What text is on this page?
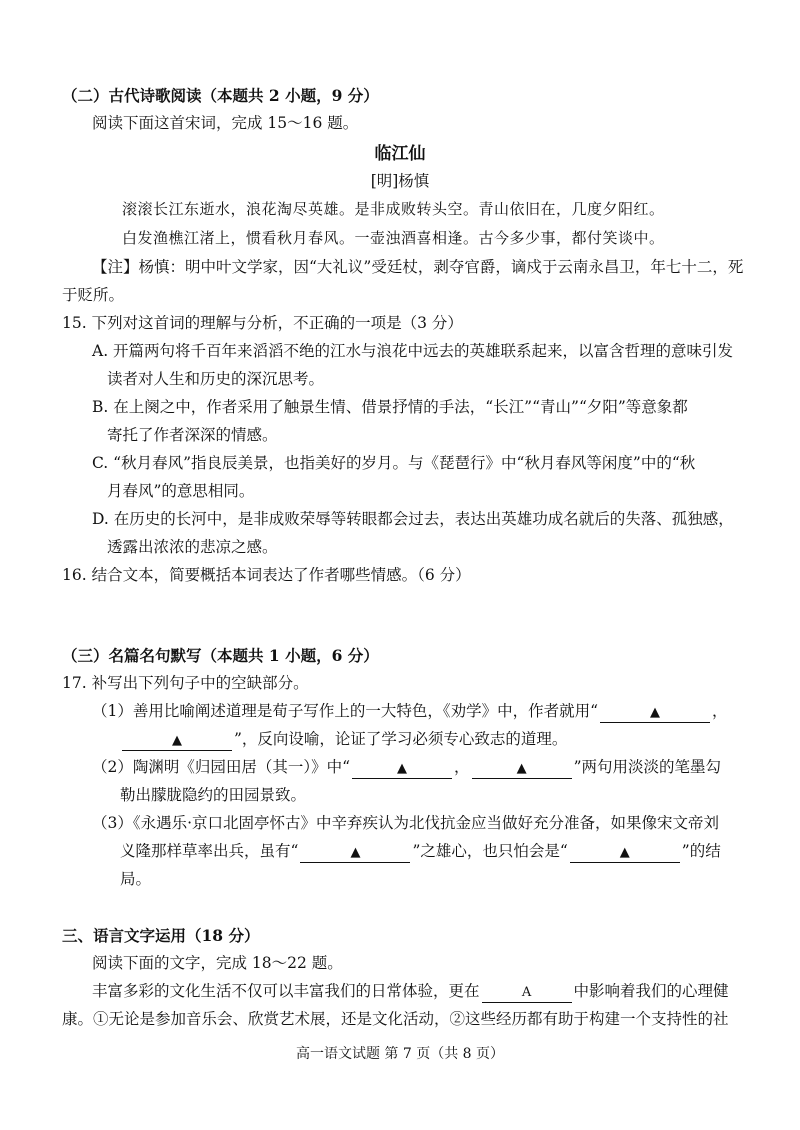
（二）古代诗歌阅读（本题共 2 小题，9 分）
阅读下面这首宋词，完成 15～16 题。
临江仙
[明]杨慎
滚滚长江东逝水，浪花淘尽英雄。是非成败转头空。青山依旧在，几度夕阳红。
白发渔樵江渚上，惯看秋月春风。一壶浊酒喜相逢。古今多少事，都付笑谈中。
【注】杨慎：明中叶文学家，因“大礼议”受廷杖，剥夺官爵，谪戍于云南永昌卫，年七十二，死
于贬所。
15. 下列对这首词的理解与分析，不正确的一项是（3 分）
A. 开篇两句将千百年来滔滔不绝的江水与浪花中远去的英雄联系起来，以富含哲理的意味引发
读者对人生和历史的深沉思考。
B. 在上阕之中，作者采用了触景生情、借景抒情的手法，“长江”“青山”“夕阳”等意象都
寄托了作者深深的情感。
C. “秋月春风”指良辰美景，也指美好的岁月。与《琵琶行》中“秋月春风等闲度”中的“秋
月春风”的意思相同。
D. 在历史的长河中，是非成败荣辱等转眼都会过去，表达出英雄功成名就后的失落、孤独感，
透露出浓浓的悲凉之感。
16. 结合文本，简要概括本词表达了作者哪些情感。（6 分）
（三）名篇名句默写（本题共 1 小题，6 分）
17. 补写出下列句子中的空缺部分。
（1）善用比喻阐述道理是荀子写作上的一大特色，《劝学》中，作者就用“	▲	，
▲	”，反向设喻，论证了学习必须专心致志的道理。
（2）陶渊明《归园田居（其一）》中“	▲	，	▲	”两句用淡淡的笔墨勾
勒出朦胧隐约的田园景致。
（3）《永遇乐·京口北固亭怀古》中辛弃疾认为北伐抗金应当做好充分准备，如果像宋文帝刘
义隆那样草率出兵，虽有“	▲	”之雄心，也只怕会是“	▲	”的结
局。
三、语言文字运用（18 分）
阅读下面的文字，完成 18～22 题。
丰富多彩的文化生活不仅可以丰富我们的日常体验，更在	A	中影响着我们的心理健
康。①无论是参加音乐会、欣赏艺术展，还是文化活动，②这些经历都有助于构建一个支持性的社
高一语文试题 第 7 页（共 8 页）
